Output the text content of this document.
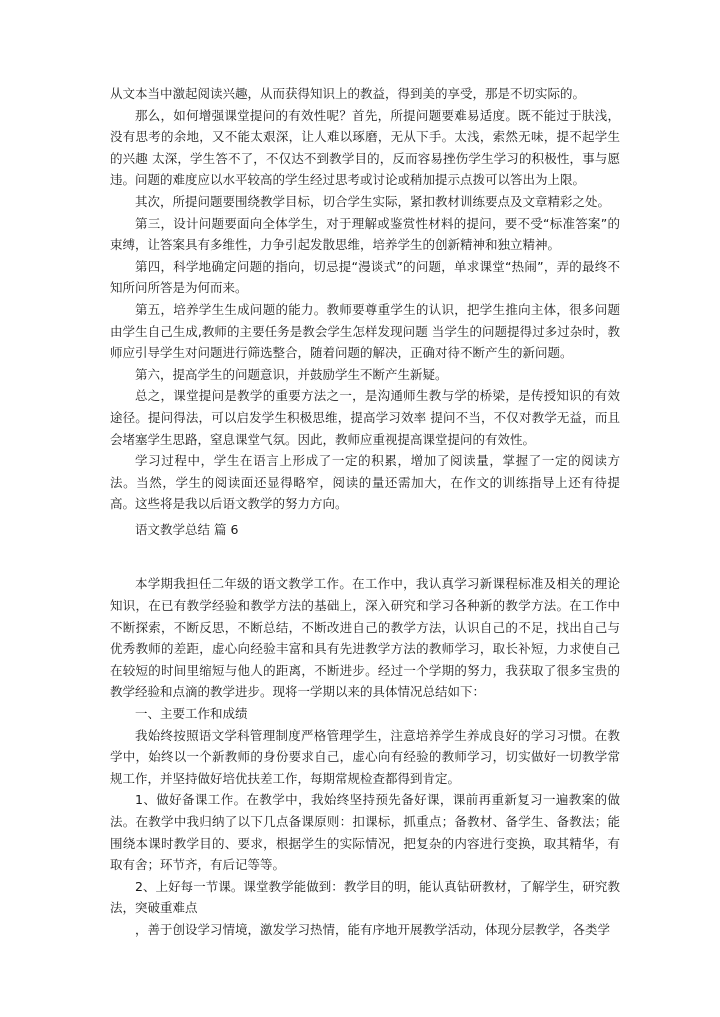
从文本当中激起阅读兴趣，从而获得知识上的教益，得到美的享受，那是不切实际的。

那么，如何增强课堂提问的有效性呢？首先，所提问题要难易适度。既不能过于肤浅，没有思考的余地，又不能太艰深，让人难以琢磨，无从下手。太浅，索然无味，提不起学生的兴趣 太深，学生答不了，不仅达不到教学目的，反而容易挫伤学生学习的积极性，事与愿违。问题的难度应以水平较高的学生经过思考或讨论或稍加提示点拨可以答出为上限。

其次，所提问题要围绕教学目标，切合学生实际，紧扣教材训练要点及文章精彩之处。

第三，设计问题要面向全体学生，对于理解或鉴赏性材料的提问，要不受“标准答案”的束缚，让答案具有多维性，力争引起发散思维，培养学生的创新精神和独立精神。

第四，科学地确定问题的指向，切忌提“漫谈式”的问题，单求课堂“热闹”，弄的最终不知所问所答是为何而来。

第五，培养学生生成问题的能力。教师要尊重学生的认识，把学生推向主体，很多问题由学生自己生成,教师的主要任务是教会学生怎样发现问题 当学生的问题提得过多过杂时，教师应引导学生对问题进行筛选整合，随着问题的解决，正确对待不断产生的新问题。

第六，提高学生的问题意识，并鼓励学生不断产生新疑。

总之，课堂提问是教学的重要方法之一，是沟通师生教与学的桥梁，是传授知识的有效途径。提问得法，可以启发学生积极思维，提高学习效率 提问不当，不仅对教学无益，而且会堵塞学生思路，窒息课堂气氛。因此，教师应重视提高课堂提问的有效性。

学习过程中，学生在语言上形成了一定的积累，增加了阅读量，掌握了一定的阅读方法。当然，学生的阅读面还显得略窄，阅读的量还需加大，在作文的训练指导上还有待提高。这些将是我以后语文教学的努力方向。

语文教学总结 篇 6

本学期我担任二年级的语文教学工作。在工作中，我认真学习新课程标准及相关的理论知识，在已有教学经验和教学方法的基础上，深入研究和学习各种新的教学方法。在工作中不断探索，不断反思，不断总结，不断改进自己的教学方法，认识自己的不足，找出自己与优秀教师的差距，虚心向经验丰富和具有先进教学方法的教师学习，取长补短，力求使自己在较短的时间里缩短与他人的距离，不断进步。经过一个学期的努力，我获取了很多宝贵的教学经验和点滴的教学进步。现将一学期以来的具体情况总结如下：

一、主要工作和成绩

我始终按照语文学科管理制度严格管理学生，注意培养学生养成良好的学习习惯。在教学中，始终以一个新教师的身份要求自己，虚心向有经验的教师学习，切实做好一切教学常规工作，并坚持做好培优扶差工作，每期常规检查都得到肯定。

1、做好备课工作。在教学中，我始终坚持预先备好课，课前再重新复习一遍教案的做法。在教学中我归纳了以下几点备课原则：扣课标，抓重点；备教材、备学生、备教法；能围绕本课时教学目的、要求，根据学生的实际情况，把复杂的内容进行变换，取其精华，有取有舍；环节齐，有后记等等。

2、上好每一节课。课堂教学能做到：教学目的明，能认真钻研教材，了解学生，研究教法，突破重难点

，善于创设学习情境，激发学习热情，能有序地开展教学活动，体现分层教学，各类学
